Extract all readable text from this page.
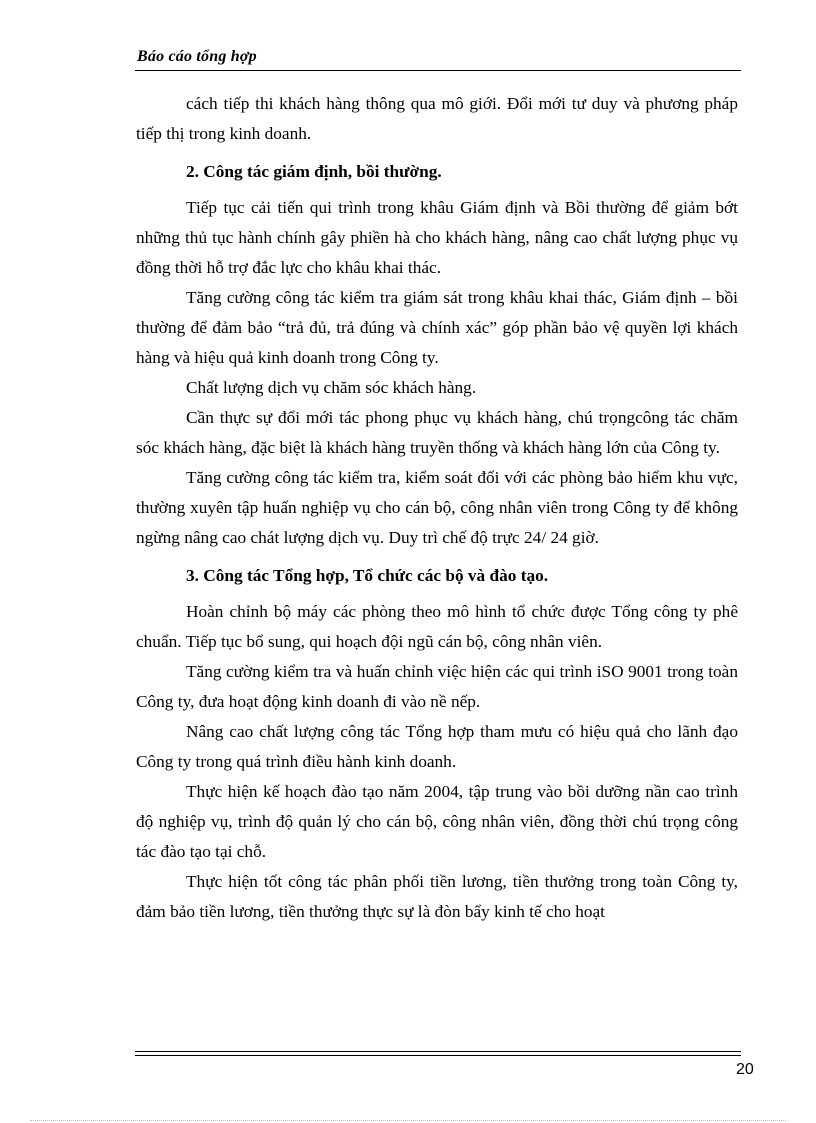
Báo cáo tổng hợp

cách tiếp thi khách hàng thông qua mô giới. Đổi mới tư duy và phương pháp tiếp thị trong kinh doanh.

2. Công tác giám định, bồi thường.

Tiếp tục cải tiến qui trình trong khâu Giám định và Bồi thường để giảm bớt những thủ tục hành chính gây phiền hà cho khách hàng, nâng cao chất lượng phục vụ đồng thời hỗ trợ đắc lực cho khâu khai thác.

Tăng cường công tác kiểm tra giám sát trong khâu khai thác, Giám định – bồi thường để đảm bảo “trả đủ, trả đúng và chính xác” góp phần bảo vệ quyền lợi khách hàng và hiệu quả kinh doanh trong Công ty.

Chất lượng dịch vụ chăm sóc khách hàng.

Cần thực sự đổi mới tác phong phục vụ khách hàng, chú trọngcông tác chăm sóc khách hàng, đặc biệt là khách hàng truyền thống và khách hàng lớn của Công ty.

Tăng cường công tác kiểm tra, kiểm soát đối với các phòng bảo hiểm khu vực, thường xuyên tập huấn nghiệp vụ cho cán bộ, công nhân viên trong Công ty để không ngừng nâng cao chát lượng dịch vụ. Duy trì chế độ trực 24/ 24 giờ.

3. Công tác Tổng hợp, Tổ chức các bộ và đào tạo.

Hoàn chỉnh bộ máy các phòng theo mô hình tổ chức được Tổng công ty phê chuẩn. Tiếp tục bổ sung, qui hoạch đội ngũ cán bộ, công nhân viên.

Tăng cường kiểm tra và huấn chỉnh việc hiện các qui trình iSO 9001 trong toàn Công ty, đưa hoạt động kinh doanh đi vào nề nếp.

Nâng cao chất lượng công tác Tổng hợp tham mưu có hiệu quả cho lãnh đạo Công ty trong quá trình điều hành kinh doanh.

Thực hiện kế hoạch đào tạo năm 2004, tập trung vào bồi dưỡng nần cao trình độ nghiệp vụ, trình độ quản lý cho cán bộ, công nhân viên, đồng thời chú trọng công tác đào tạo tại chỗ.

Thực hiện tốt công tác phân phối tiền lương, tiền thưởng trong toàn Công ty, đảm bảo tiền lương, tiền thưởng thực sự là đòn bẩy kinh tế cho hoạt

20
